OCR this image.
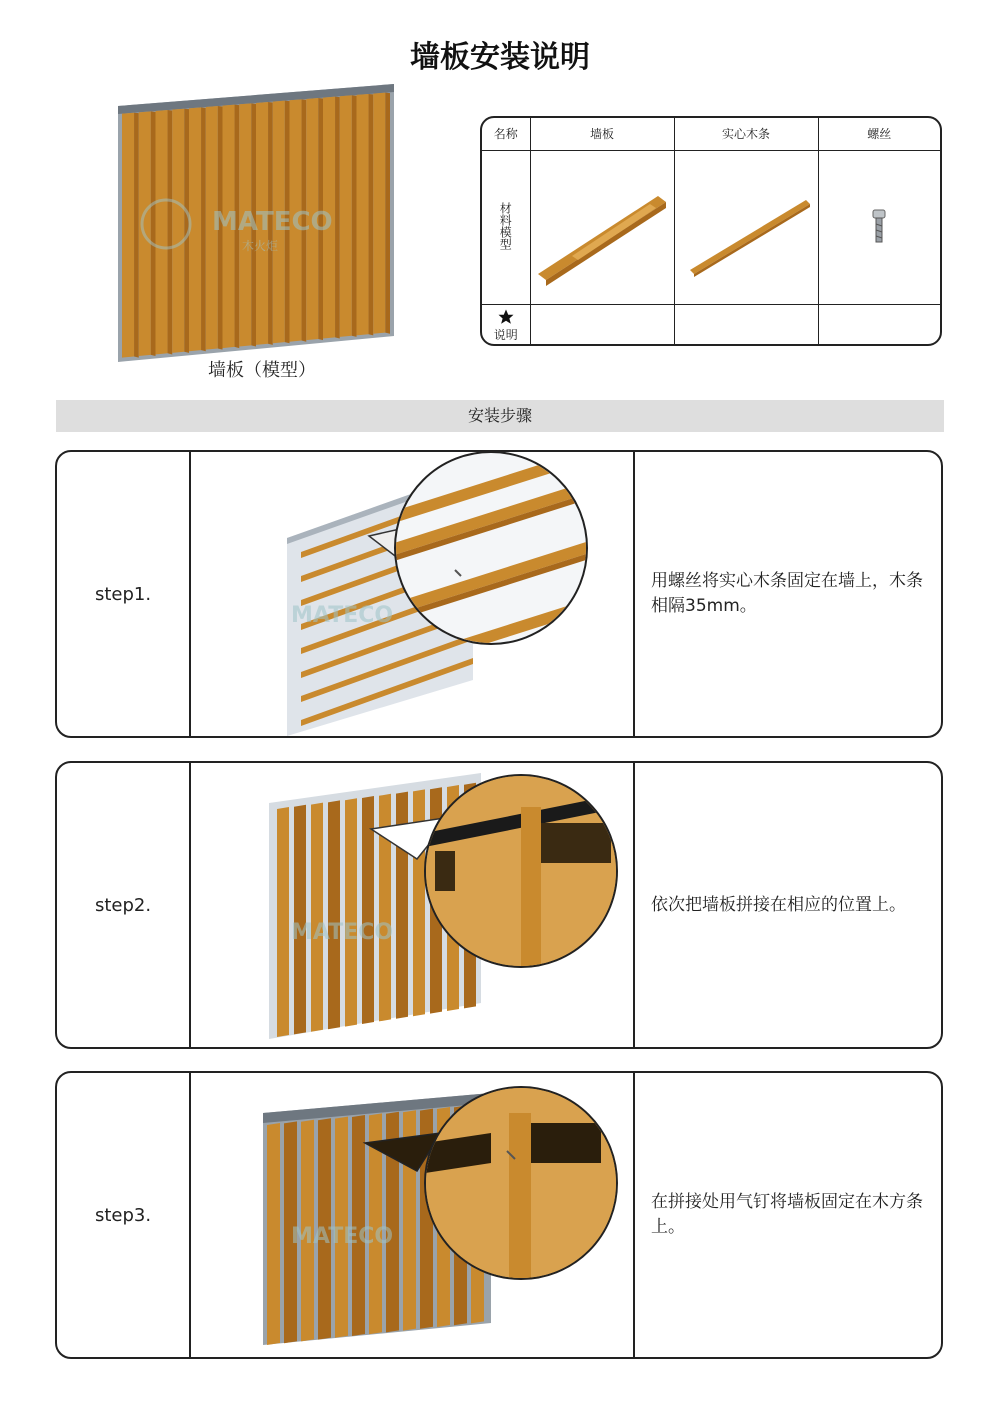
墙板安装说明
MATECO
木火炬
墙板（模型）
名称	墙板	实心木条	螺丝
材料模型			

说明			
安装步骤
step1.
MATECO
用螺丝将实心木条固定在墙上，木条相隔35mm。
step2.
MATECO
依次把墙板拼接在相应的位置上。
step3.
MATECO
在拼接处用气钉将墙板固定在木方条上。
